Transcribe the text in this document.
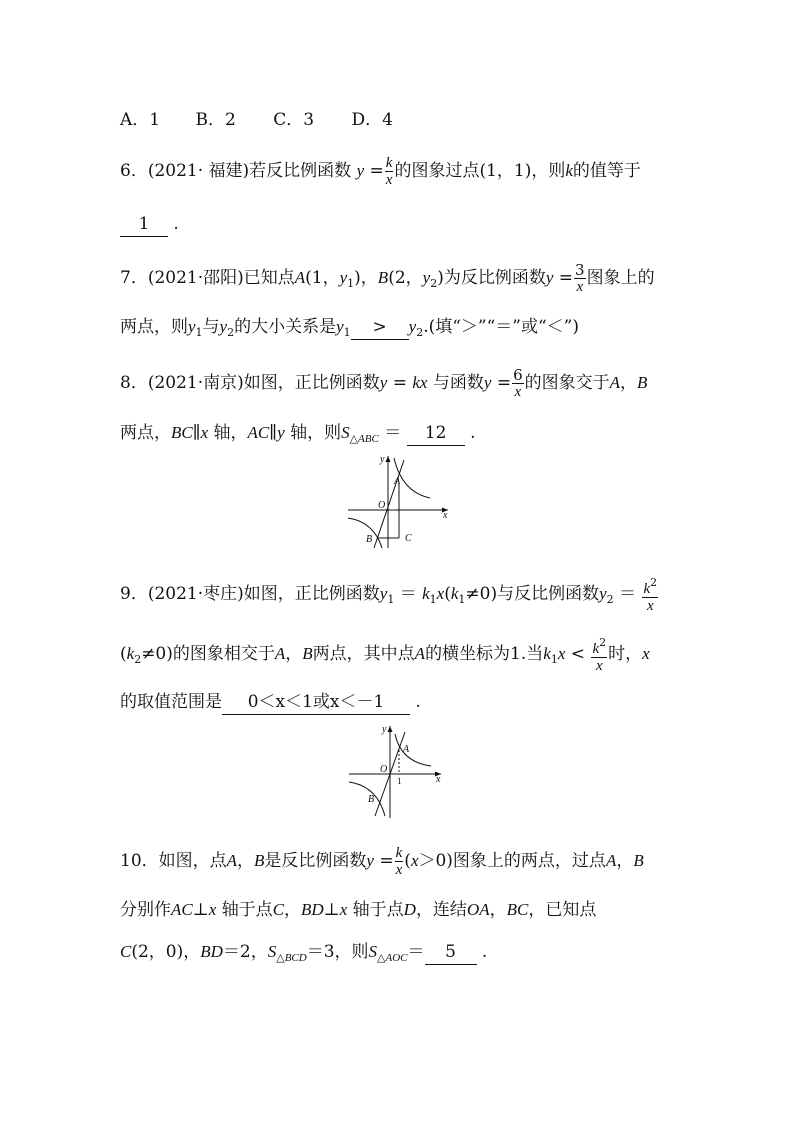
A．1 B．2 C．3 D．4
6．(2021· 福建)若反比例函数 $y = \frac{k}{x}$ 的图象过点(1，1)，则k的值等于
1 .
7．(2021·邵阳)已知点A(1，$y_1$)，B(2，$y_2$)为反比例函数$y = \frac{3}{x}$ 图象上的
两点，则$y_1$与$y_2$的大小关系是$y_1 > y_2$.(填“＞”“＝”或“＜”)
8．(2021·南京)如图，正比例函数y = kx 与函数$y = \frac{6}{x}$ 的图象交于A，B
两点，BC∥x 轴，AC∥y 轴，则$S_{\triangle ABC} = 12$ .
x
y
O
A
B	C
9．(2021·枣庄)如图，正比例函数$y_1 = k_1x(k_1\ne 0)$与反比例函数$y_2 = \frac{k^2}{x}$
$(k_2\ne 0)$的图象相交于A，B两点，其中点A的横坐标为1.当$k_1x < \frac{k^2}{x}$ 时，x
的取值范围是 0＜x＜1或x＜－1 .
x
y
O
A
B
1
10．如图，点A，B是反比例函数$y = \frac{k}{x} (x>0)$图象上的两点，过点A，B
分别作AC⊥x 轴于点C，BD⊥x 轴于点D，连结OA，BC，已知点
C(2，0)，BD＝2，$S_{\triangle BCD}=3$，则$S_{\triangle AOC}= 5$ .
